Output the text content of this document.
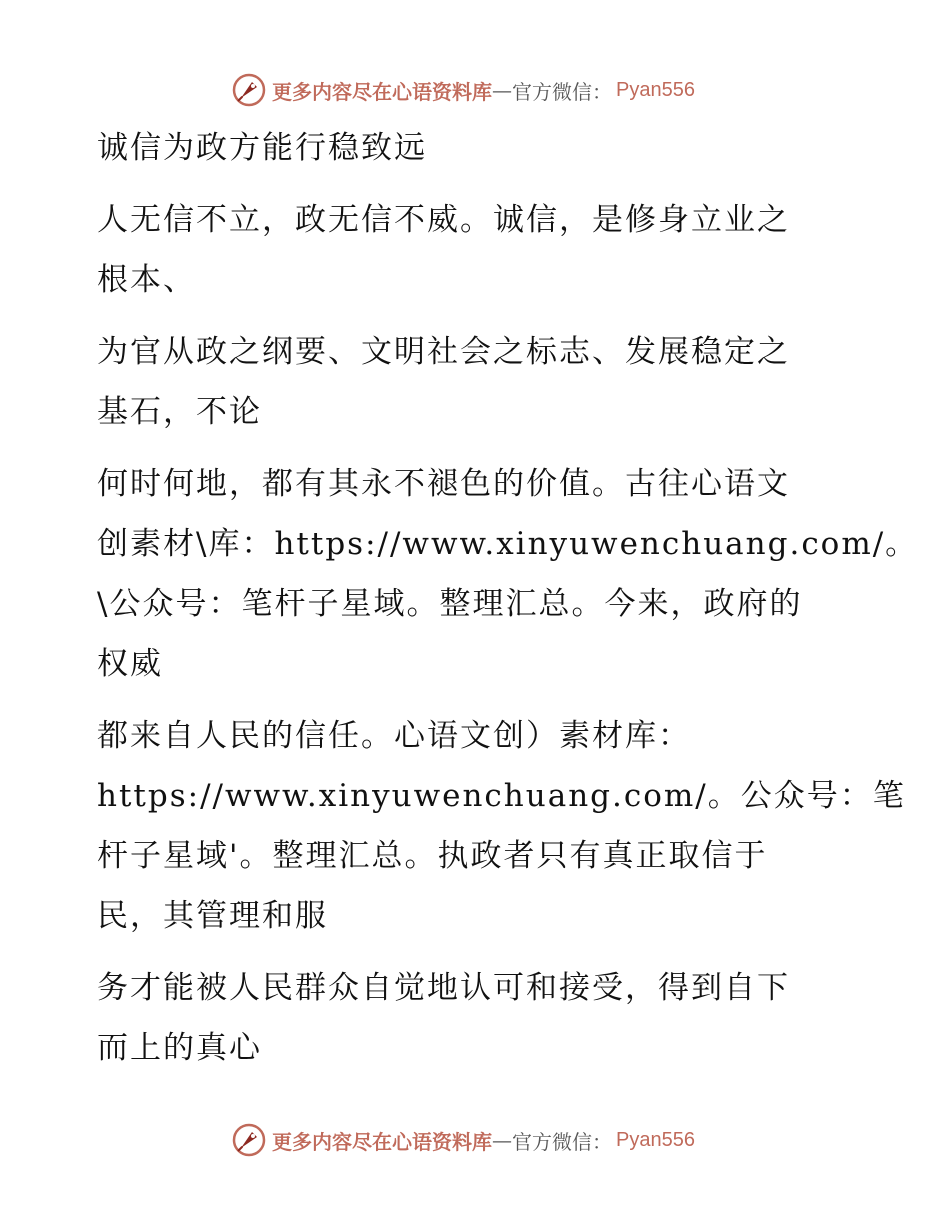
更多内容尽在心语资料库 — 官方微信： Pyan556
诚信为政方能行稳致远
人无信不立，政无信不威。诚信，是修身立业之
根本、
为官从政之纲要、文明社会之标志、发展稳定之
基石，不论
何时何地，都有其永不褪色的价值。古往心语文
创素材\库：https://www.xinyuwenchuang.com/。
\公众号：笔杆子星域。整理汇总。今来，政府的
权威
都来自人民的信任。心语文创）素材库：
https://www.xinyuwenchuang.com/。公众号：笔
杆子星域'。整理汇总。执政者只有真正取信于
民，其管理和服
务才能被人民群众自觉地认可和接受，得到自下
而上的真心
更多内容尽在心语资料库 — 官方微信： Pyan556
